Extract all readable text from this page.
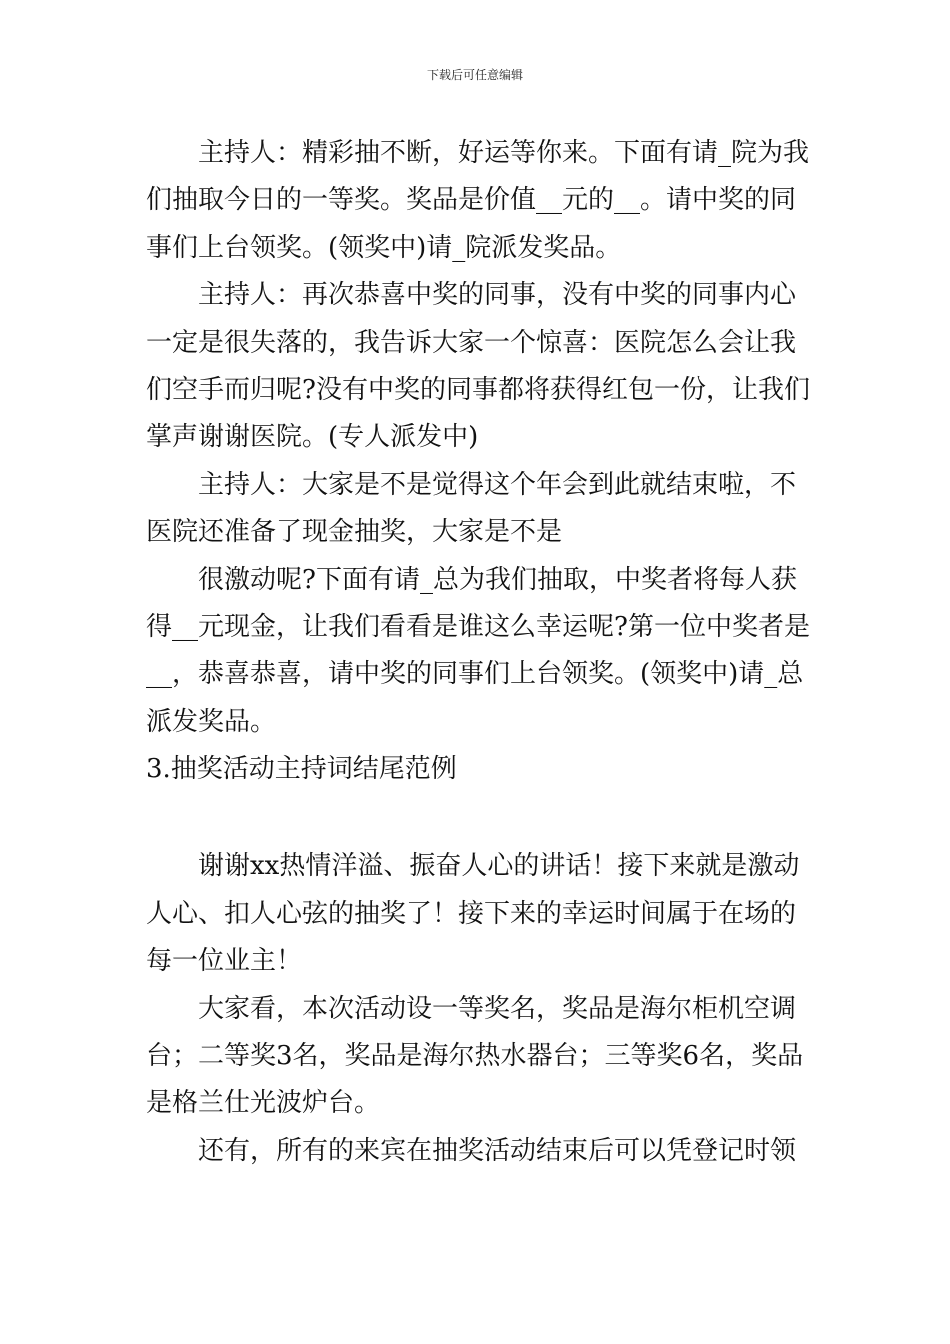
下载后可任意编辑
主持人：精彩抽不断，好运等你来。下面有请_院为我
们抽取今日的一等奖。奖品是价值__元的__。请中奖的同
事们上台领奖。(领奖中)请_院派发奖品。
主持人：再次恭喜中奖的同事，没有中奖的同事内心
一定是很失落的，我告诉大家一个惊喜：医院怎么会让我
们空手而归呢?没有中奖的同事都将获得红包一份，让我们
掌声谢谢医院。(专人派发中)
主持人：大家是不是觉得这个年会到此就结束啦，不
医院还准备了现金抽奖，大家是不是
很激动呢?下面有请_总为我们抽取，中奖者将每人获
得__元现金，让我们看看是谁这么幸运呢?第一位中奖者是
__，恭喜恭喜，请中奖的同事们上台领奖。(领奖中)请_总
派发奖品。
3.抽奖活动主持词结尾范例
谢谢xx热情洋溢、振奋人心的讲话！接下来就是激动
人心、扣人心弦的抽奖了！接下来的幸运时间属于在场的
每一位业主！
大家看，本次活动设一等奖名，奖品是海尔柜机空调
台；二等奖3名，奖品是海尔热水器台；三等奖6名，奖品
是格兰仕光波炉台。
还有，所有的来宾在抽奖活动结束后可以凭登记时领
